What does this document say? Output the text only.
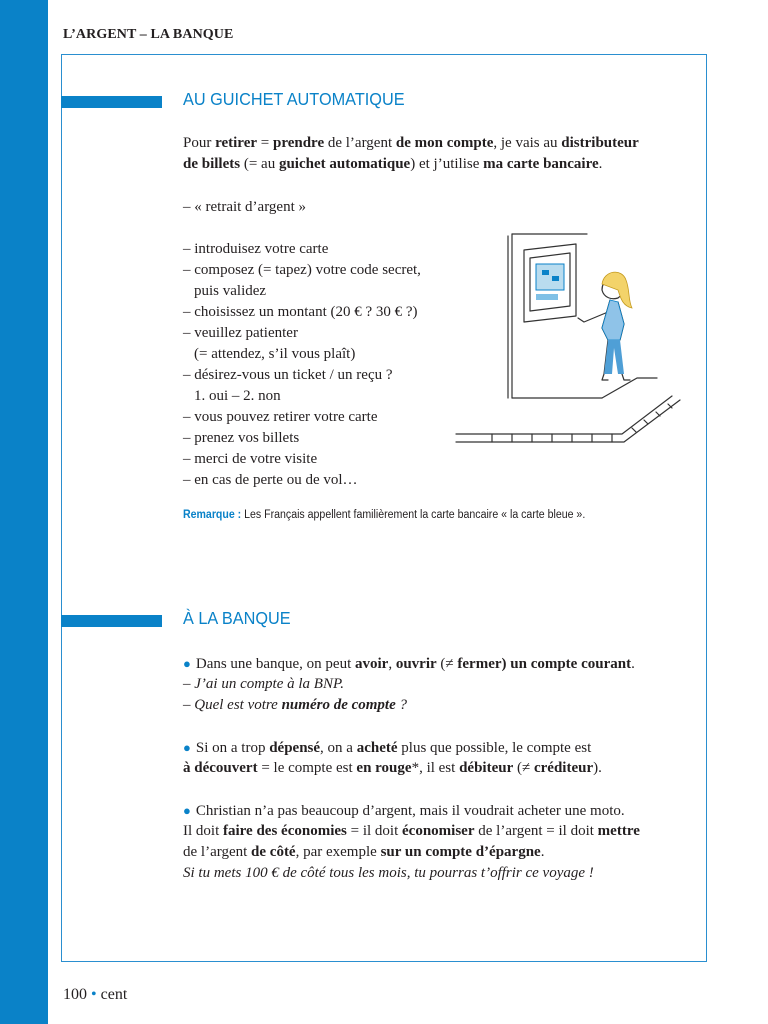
L’ARGENT – LA BANQUE
AU GUICHET AUTOMATIQUE
Pour retirer = prendre de l’argent de mon compte, je vais au distributeur
de billets (= au guichet automatique) et j’utilise ma carte bancaire.
– « retrait d’argent »
– introduisez votre carte
– composez (= tapez) votre code secret,
puis validez
– choisissez un montant (20 € ? 30 € ?)
– veuillez patienter
(= attendez, s’il vous plaît)
– désirez-vous un ticket / un reçu ?
1. oui – 2. non
– vous pouvez retirer votre carte
– prenez vos billets
– merci de votre visite
– en cas de perte ou de vol…
Remarque : Les Français appellent familièrement la carte bancaire « la carte bleue ».
À LA BANQUE
● Dans une banque, on peut avoir, ouvrir (≠ fermer) un compte courant.
– J’ai un compte à la BNP.
– Quel est votre numéro de compte ?
● Si on a trop dépensé, on a acheté plus que possible, le compte est
à découvert = le compte est en rouge*, il est débiteur (≠ créditeur).
● Christian n’a pas beaucoup d’argent, mais il voudrait acheter une moto.
Il doit faire des économies = il doit économiser de l’argent = il doit mettre
de l’argent de côté, par exemple sur un compte d’épargne.
Si tu mets 100 € de côté tous les mois, tu pourras t’offrir ce voyage !
100 • cent
